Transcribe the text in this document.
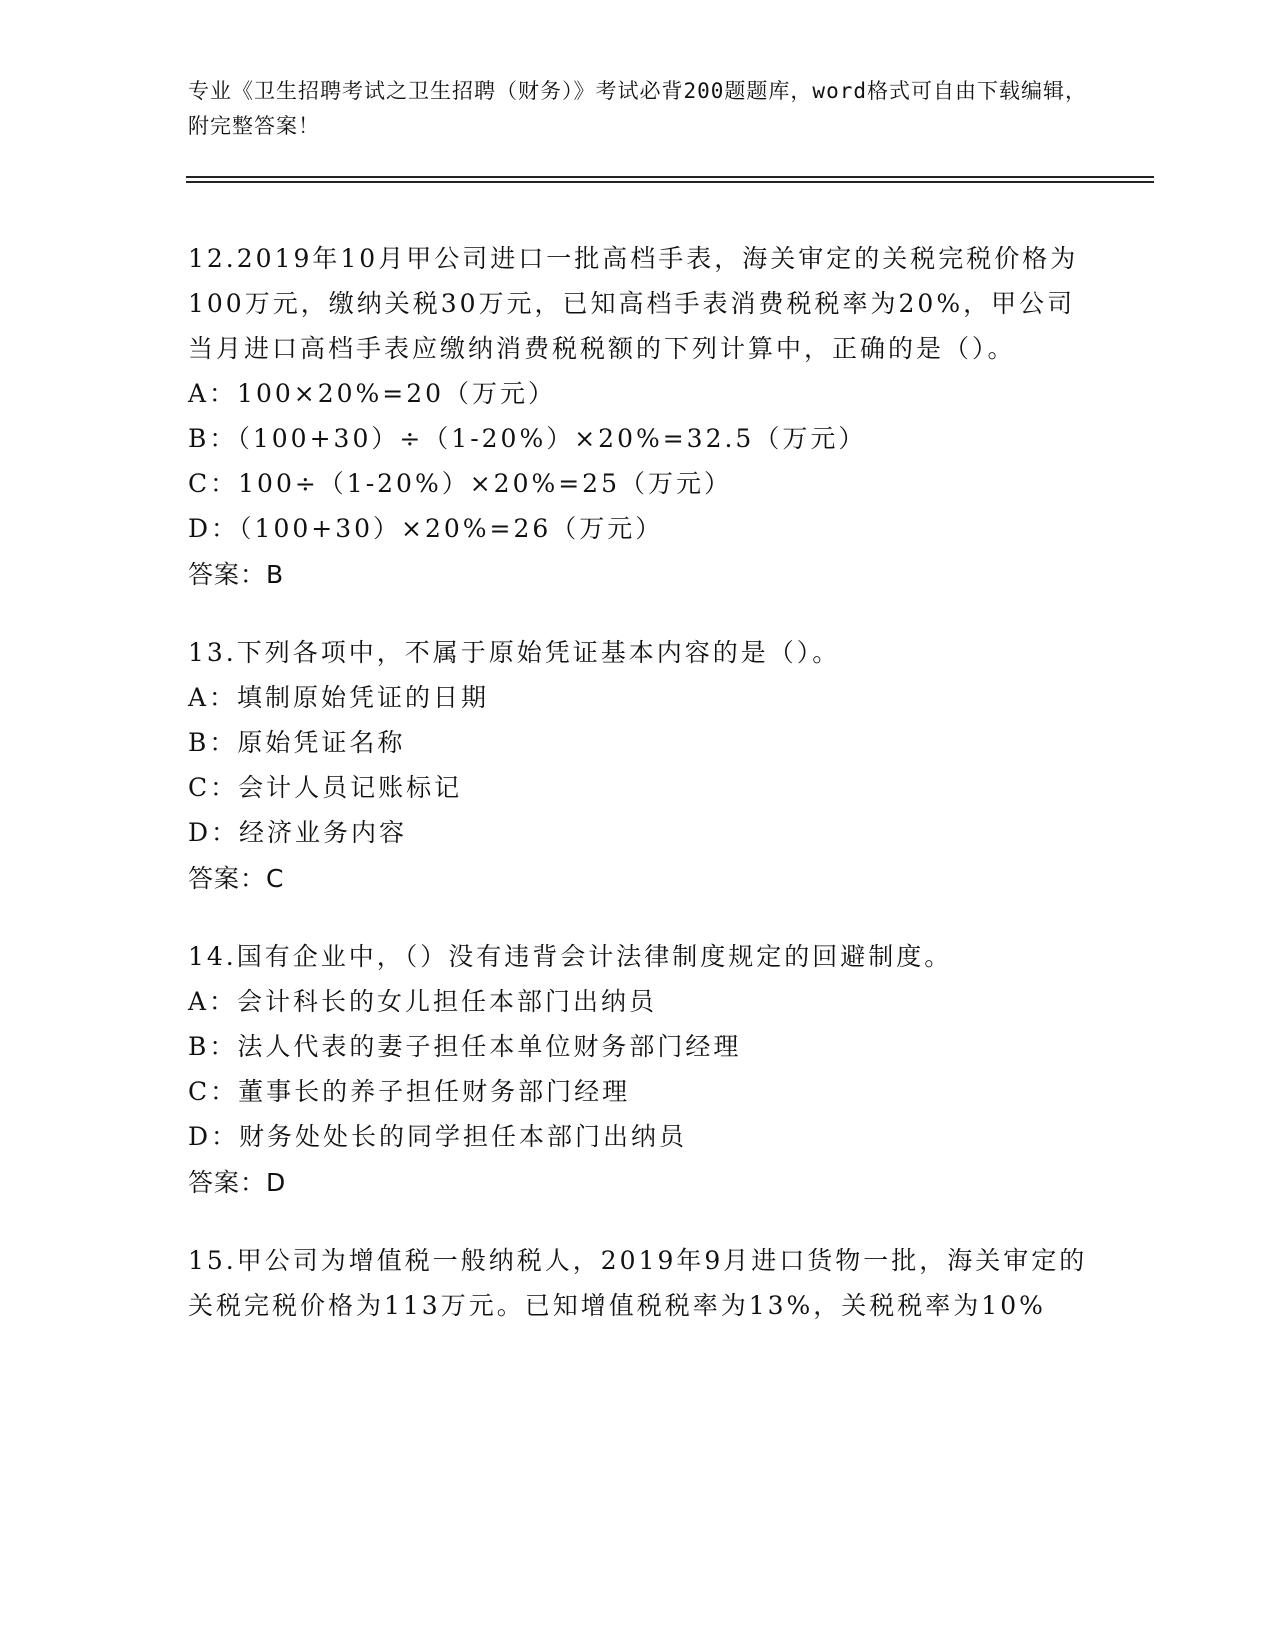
专业《卫生招聘考试之卫生招聘（财务）》考试必背200题题库，word格式可自由下载编辑，附完整答案！
12.2019年10月甲公司进口一批高档手表，海关审定的关税完税价格为100万元，缴纳关税30万元，已知高档手表消费税税率为20%，甲公司当月进口高档手表应缴纳消费税税额的下列计算中，正确的是（）。
A：100×20%=20（万元）
B：（100+30）÷（1-20%）×20%=32.5（万元）
C：100÷（1-20%）×20%=25（万元）
D：（100+30）×20%=26（万元）
答案：B
13.下列各项中，不属于原始凭证基本内容的是（）。
A：填制原始凭证的日期
B：原始凭证名称
C：会计人员记账标记
D：经济业务内容
答案：C
14.国有企业中，（）没有违背会计法律制度规定的回避制度。
A：会计科长的女儿担任本部门出纳员
B：法人代表的妻子担任本单位财务部门经理
C：董事长的养子担任财务部门经理
D：财务处处长的同学担任本部门出纳员
答案：D
15.甲公司为增值税一般纳税人，2019年9月进口货物一批，海关审定的关税完税价格为113万元。已知增值税税率为13%，关税税率为10%
